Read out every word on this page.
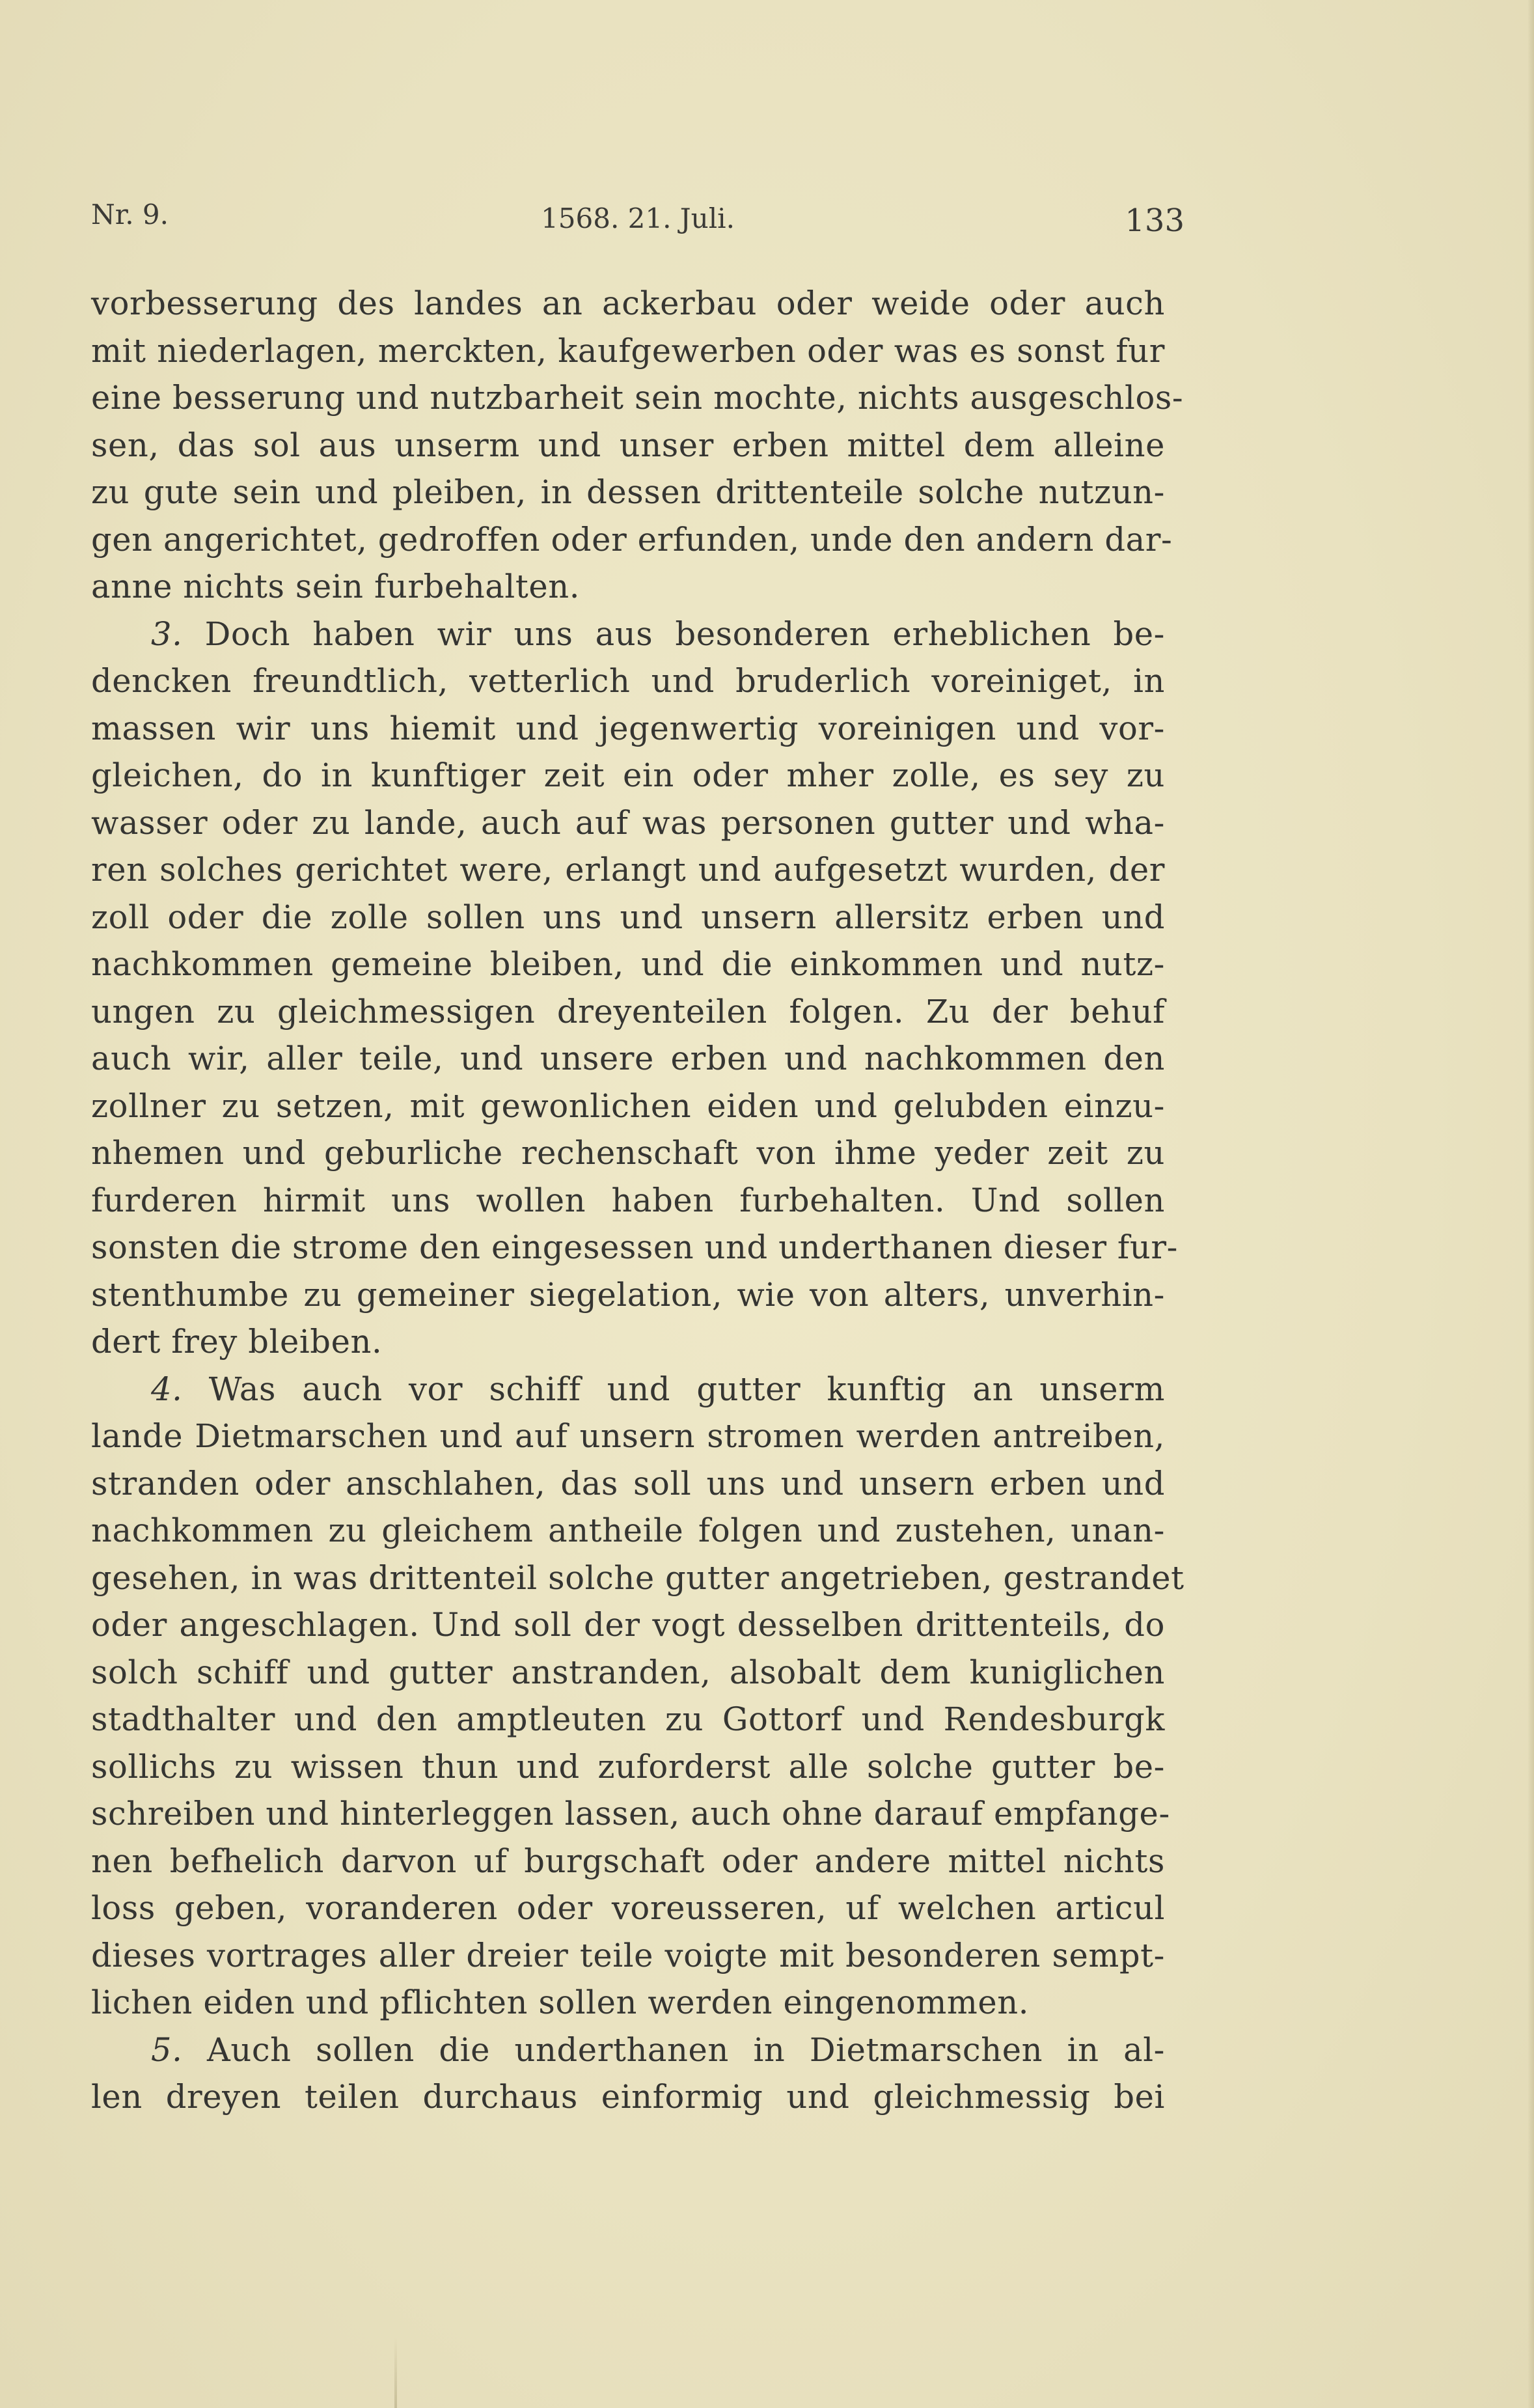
Nr. 9.	1568. 21. Juli.	133
vorbesserung des landes an ackerbau oder weide oder auch
mit niederlagen, merckten, kaufgewerben oder was es sonst fur
eine besserung und nutzbarheit sein mochte, nichts ausgeschlos-
sen, das sol aus unserm und unser erben mittel dem alleine
zu gute sein und pleiben, in dessen drittenteile solche nutzun-
gen angerichtet, gedroffen oder erfunden, unde den andern dar-
anne nichts sein furbehalten.
3. Doch haben wir uns aus besonderen erheblichen be-
dencken freundtlich, vetterlich und bruderlich voreiniget, in
massen wir uns hiemit und jegenwertig voreinigen und vor-
gleichen, do in kunftiger zeit ein oder mher zolle, es sey zu
wasser oder zu lande, auch auf was personen gutter und wha-
ren solches gerichtet were, erlangt und aufgesetzt wurden, der
zoll oder die zolle sollen uns und unsern allersitz erben und
nachkommen gemeine bleiben, und die einkommen und nutz-
ungen zu gleichmessigen dreyenteilen folgen. Zu der behuf
auch wir, aller teile, und unsere erben und nachkommen den
zollner zu setzen, mit gewonlichen eiden und gelubden einzu-
nhemen und geburliche rechenschaft von ihme yeder zeit zu
furderen hirmit uns wollen haben furbehalten. Und sollen
sonsten die strome den eingesessen und underthanen dieser fur-
stenthumbe zu gemeiner siegelation, wie von alters, unverhin-
dert frey bleiben.
4. Was auch vor schiff und gutter kunftig an unserm
lande Dietmarschen und auf unsern stromen werden antreiben,
stranden oder anschlahen, das soll uns und unsern erben und
nachkommen zu gleichem antheile folgen und zustehen, unan-
gesehen, in was drittenteil solche gutter angetrieben, gestrandet
oder angeschlagen. Und soll der vogt desselben drittenteils, do
solch schiff und gutter anstranden, alsobalt dem kuniglichen
stadthalter und den amptleuten zu Gottorf und Rendesburgk
sollichs zu wissen thun und zuforderst alle solche gutter be-
schreiben und hinterleggen lassen, auch ohne darauf empfange-
nen befhelich darvon uf burgschaft oder andere mittel nichts
loss geben, voranderen oder voreusseren, uf welchen articul
dieses vortrages aller dreier teile voigte mit besonderen sempt-
lichen eiden und pflichten sollen werden eingenommen.
5. Auch sollen die underthanen in Dietmarschen in al-
len dreyen teilen durchaus einformig und gleichmessig bei
